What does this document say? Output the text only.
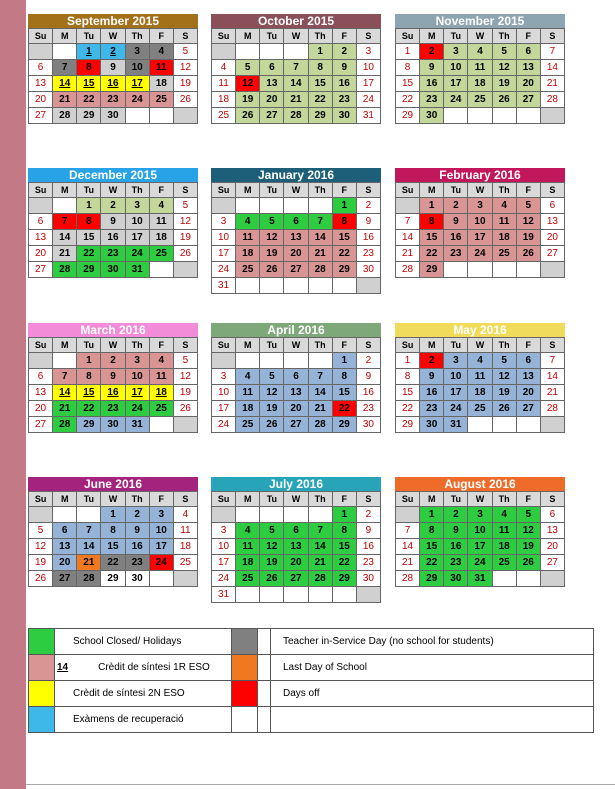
September 2015
Su	M	Tu	W	Th	F	S
		1	2	3	4	5
6	7	8	9	10	11	12
13	14	15	16	17	18	19
20	21	22	23	24	25	26
27	28	29	30			
October 2015
Su	M	Tu	W	Th	F	S
				1	2	3
4	5	6	7	8	9	10
11	12	13	14	15	16	17
18	19	20	21	22	23	24
25	26	27	28	29	30	31
November 2015
Su	M	Tu	W	Th	F	S
1	2	3	4	5	6	7
8	9	10	11	12	13	14
15	16	17	18	19	20	21
22	23	24	25	26	27	28
29	30					
December 2015
Su	M	Tu	W	Th	F	S
		1	2	3	4	5
6	7	8	9	10	11	12
13	14	15	16	17	18	19
20	21	22	23	24	25	26
27	28	29	30	31		
January 2016
Su	M	Tu	W	Th	F	S
					1	2
3	4	5	6	7	8	9
10	11	12	13	14	15	16
17	18	19	20	21	22	23
24	25	26	27	28	29	30
31						
February 2016
Su	M	Tu	W	Th	F	S
	1	2	3	4	5	6
7	8	9	10	11	12	13
14	15	16	17	18	19	20
21	22	23	24	25	26	27
28	29					
March 2016
Su	M	Tu	W	Th	F	S
		1	2	3	4	5
6	7	8	9	10	11	12
13	14	15	16	17	18	19
20	21	22	23	24	25	26
27	28	29	30	31		
April 2016
Su	M	Tu	W	Th	F	S
					1	2
3	4	5	6	7	8	9
10	11	12	13	14	15	16
17	18	19	20	21	22	23
24	25	26	27	28	29	30
May 2016
Su	M	Tu	W	Th	F	S
1	2	3	4	5	6	7
8	9	10	11	12	13	14
15	16	17	18	19	20	21
22	23	24	25	26	27	28
29	30	31				
June 2016
Su	M	Tu	W	Th	F	S
			1	2	3	4
5	6	7	8	9	10	11
12	13	14	15	16	17	18
19	20	21	22	23	24	25
26	27	28	29	30		
July 2016
Su	M	Tu	W	Th	F	S
					1	2
3	4	5	6	7	8	9
10	11	12	13	14	15	16
17	18	19	20	21	22	23
24	25	26	27	28	29	30
31						
August 2016
Su	M	Tu	W	Th	F	S
	1	2	3	4	5	6
7	8	9	10	11	12	13
14	15	16	17	18	19	20
21	22	23	24	25	26	27
28	29	30	31			
	School Closed/ Holidays			Teacher in-Service Day (no school for students)
	14 Crèdit de síntesi 1R ESO			Last Day of School
	Crèdit de síntesi 2N ESO			Days off
	Exàmens de recuperació			
